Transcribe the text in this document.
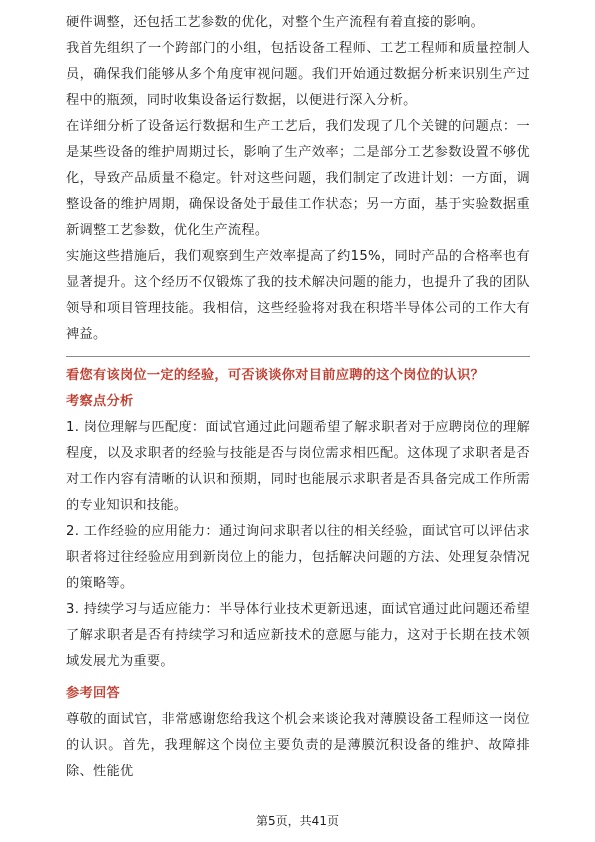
硬件调整，还包括工艺参数的优化，对整个生产流程有着直接的影响。

我首先组织了一个跨部门的小组，包括设备工程师、工艺工程师和质量控制人员，确保我们能够从多个角度审视问题。我们开始通过数据分析来识别生产过程中的瓶颈，同时收集设备运行数据，以便进行深入分析。

在详细分析了设备运行数据和生产工艺后，我们发现了几个关键的问题点：一是某些设备的维护周期过长，影响了生产效率；二是部分工艺参数设置不够优化，导致产品质量不稳定。针对这些问题，我们制定了改进计划：一方面，调整设备的维护周期，确保设备处于最佳工作状态；另一方面，基于实验数据重新调整工艺参数，优化生产流程。

实施这些措施后，我们观察到生产效率提高了约15%，同时产品的合格率也有显著提升。这个经历不仅锻炼了我的技术解决问题的能力，也提升了我的团队领导和项目管理技能。我相信，这些经验将对我在积塔半导体公司的工作大有裨益。

看您有该岗位一定的经验，可否谈谈你对目前应聘的这个岗位的认识？

考察点分析

1. 岗位理解与匹配度：面试官通过此问题希望了解求职者对于应聘岗位的理解程度，以及求职者的经验与技能是否与岗位需求相匹配。这体现了求职者是否对工作内容有清晰的认识和预期，同时也能展示求职者是否具备完成工作所需的专业知识和技能。

2. 工作经验的应用能力：通过询问求职者以往的相关经验，面试官可以评估求职者将过往经验应用到新岗位上的能力，包括解决问题的方法、处理复杂情况的策略等。

3. 持续学习与适应能力：半导体行业技术更新迅速，面试官通过此问题还希望了解求职者是否有持续学习和适应新技术的意愿与能力，这对于长期在技术领域发展尤为重要。

参考回答

尊敬的面试官，非常感谢您给我这个机会来谈论我对薄膜设备工程师这一岗位的认识。首先，我理解这个岗位主要负责的是薄膜沉积设备的维护、故障排除、性能优

第5页，共41页
